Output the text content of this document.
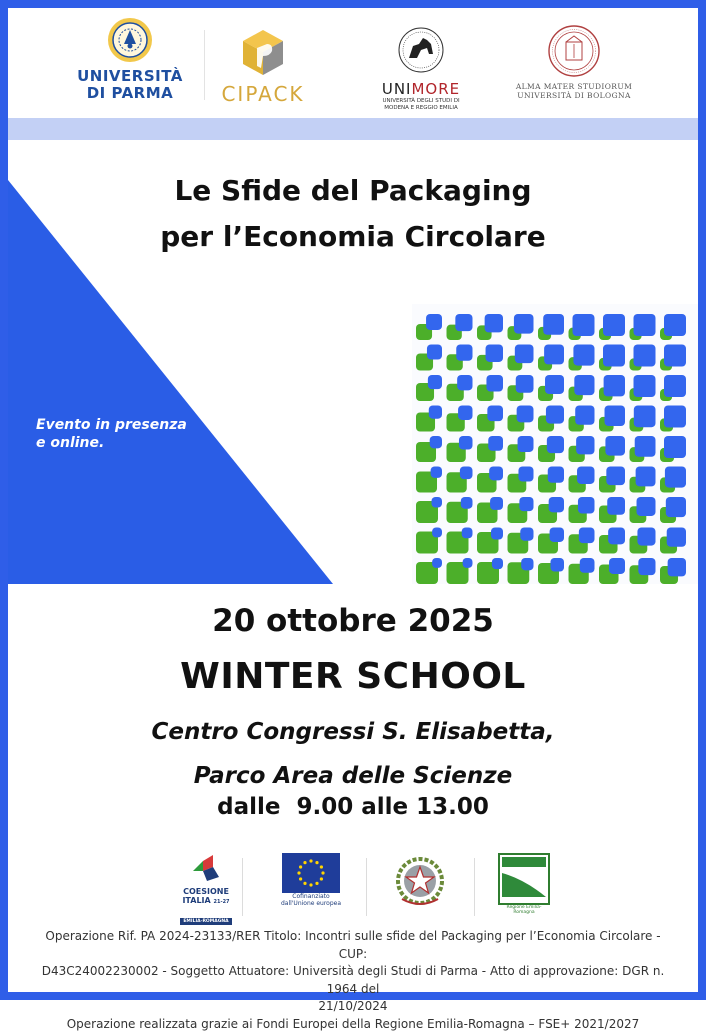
UNIVERSITÀ
DI PARMA	CIPACK	UNIMORE
UNIVERSITÀ DEGLI STUDI DI
MODENA E REGGIO EMILIA
ALMA MATER STUDIORUM
UNIVERSITÀ DI BOLOGNA
Le Sfide del Packaging
per l’Economia Circolare
Evento in presenza
e online.
20 ottobre 2025
WINTER SCHOOL
Centro Congressi S. Elisabetta,
Parco Area delle Scienze
dalle  9.00 alle 13.00
COESIONE
ITALIA 21-27
EMILIA-ROMAGNA
Cofinanziato
dall'Unione europea
Regione Emilia-Romagna
Operazione Rif. PA 2024-23133/RER Titolo: Incontri sulle sfide del Packaging per l’Economia Circolare - CUP:
D43C24002230002 - Soggetto Attuatore: Università degli Studi di Parma - Atto di approvazione: DGR n. 1964 del
21/10/2024
Operazione realizzata grazie ai Fondi Europei della Regione Emilia-Romagna – FSE+ 2021/2027
